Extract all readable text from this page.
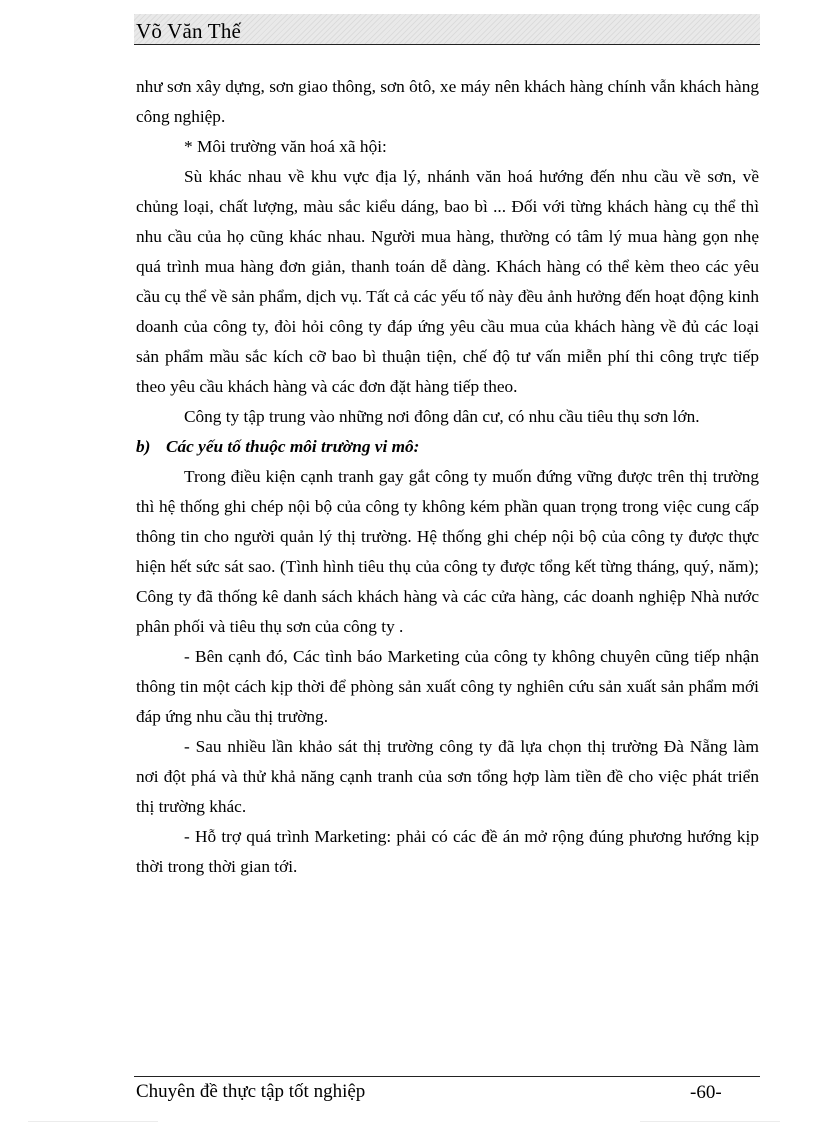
Võ Văn Thế

như sơn xây dựng, sơn giao thông, sơn ôtô, xe máy nên khách hàng chính vẫn khách hàng công nghiệp.

* Môi trường văn hoá xã hội:

Sù khác nhau về khu vực địa lý, nhánh văn hoá hướng đến nhu cầu về sơn, về chủng loại, chất lượng, màu sắc kiểu dáng, bao bì ... Đối với từng khách hàng cụ thể thì nhu cầu của họ cũng khác nhau. Người mua hàng, thường có tâm lý mua hàng gọn nhẹ quá trình mua hàng đơn giản, thanh toán dễ dàng. Khách hàng có thể kèm theo các yêu cầu cụ thể về sản phẩm, dịch vụ. Tất cả các yếu tố này đều ảnh hưởng đến hoạt động kinh doanh của công ty, đòi hỏi công ty đáp ứng yêu cầu mua của khách hàng về đủ các loại sản phẩm mầu sắc kích cỡ bao bì thuận tiện, chế độ tư vấn miễn phí thi công trực tiếp theo yêu cầu khách hàng và các đơn đặt hàng tiếp theo.

Công ty tập trung vào những nơi đông dân cư, có nhu cầu tiêu thụ sơn lớn.

b) Các yếu tố thuộc môi trường vi mô:

Trong điều kiện cạnh tranh gay gắt công ty muốn đứng vững được trên thị trường thì hệ thống ghi chép nội bộ của công ty không kém phần quan trọng trong việc cung cấp thông tin cho người quản lý thị trường. Hệ thống ghi chép nội bộ của công ty được thực hiện hết sức sát sao. (Tình hình tiêu thụ của công ty được tổng kết từng tháng, quý, năm); Công ty đã thống kê danh sách khách hàng và các cửa hàng, các doanh nghiệp Nhà nước phân phối và tiêu thụ sơn của công ty .

- Bên cạnh đó, Các tình báo Marketing của công ty không chuyên cũng tiếp nhận thông tin một cách kịp thời để phòng sản xuất công ty nghiên cứu sản xuất sản phẩm mới đáp ứng nhu cầu thị trường.

- Sau nhiều lần khảo sát thị trường công ty đã lựa chọn thị trường Đà Nẵng làm nơi đột phá và thử khả năng cạnh tranh của sơn tổng hợp làm tiền đề cho việc phát triển thị trường khác.

- Hỗ trợ quá trình Marketing: phải có các đề án mở rộng đúng phương hướng kịp thời trong thời gian tới.

Chuyên đề thực tập tốt nghiệp	-60-
